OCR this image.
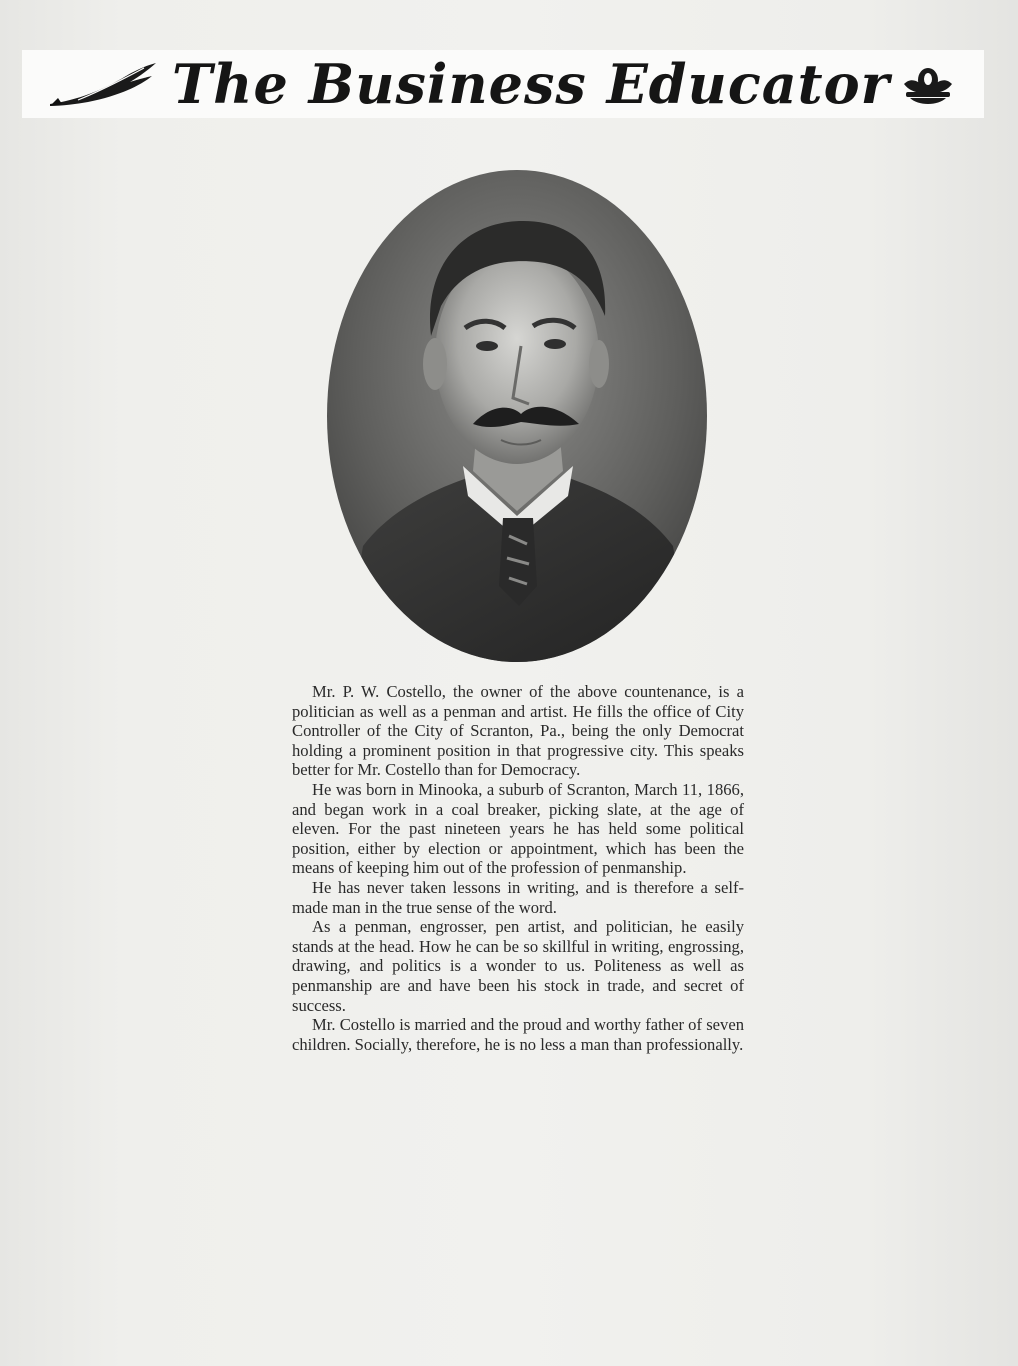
The Business Educator

Mr. P. W. Costello, the owner of the above countenance, is a politician as well as a penman and artist. He fills the office of City Controller of the City of Scranton, Pa., being the only Democrat holding a prominent position in that progressive city. This speaks better for Mr. Costello than for Democracy.

He was born in Minooka, a suburb of Scranton, March 11, 1866, and began work in a coal breaker, picking slate, at the age of eleven. For the past nineteen years he has held some political position, either by election or appointment, which has been the means of keeping him out of the profession of penmanship.

He has never taken lessons in writing, and is therefore a self-made man in the true sense of the word.

As a penman, engrosser, pen artist, and politician, he easily stands at the head. How he can be so skillful in writing, engrossing, drawing, and politics is a wonder to us. Politeness as well as penmanship are and have been his stock in trade, and secret of success.

Mr. Costello is married and the proud and worthy father of seven children. Socially, therefore, he is no less a man than professionally.
